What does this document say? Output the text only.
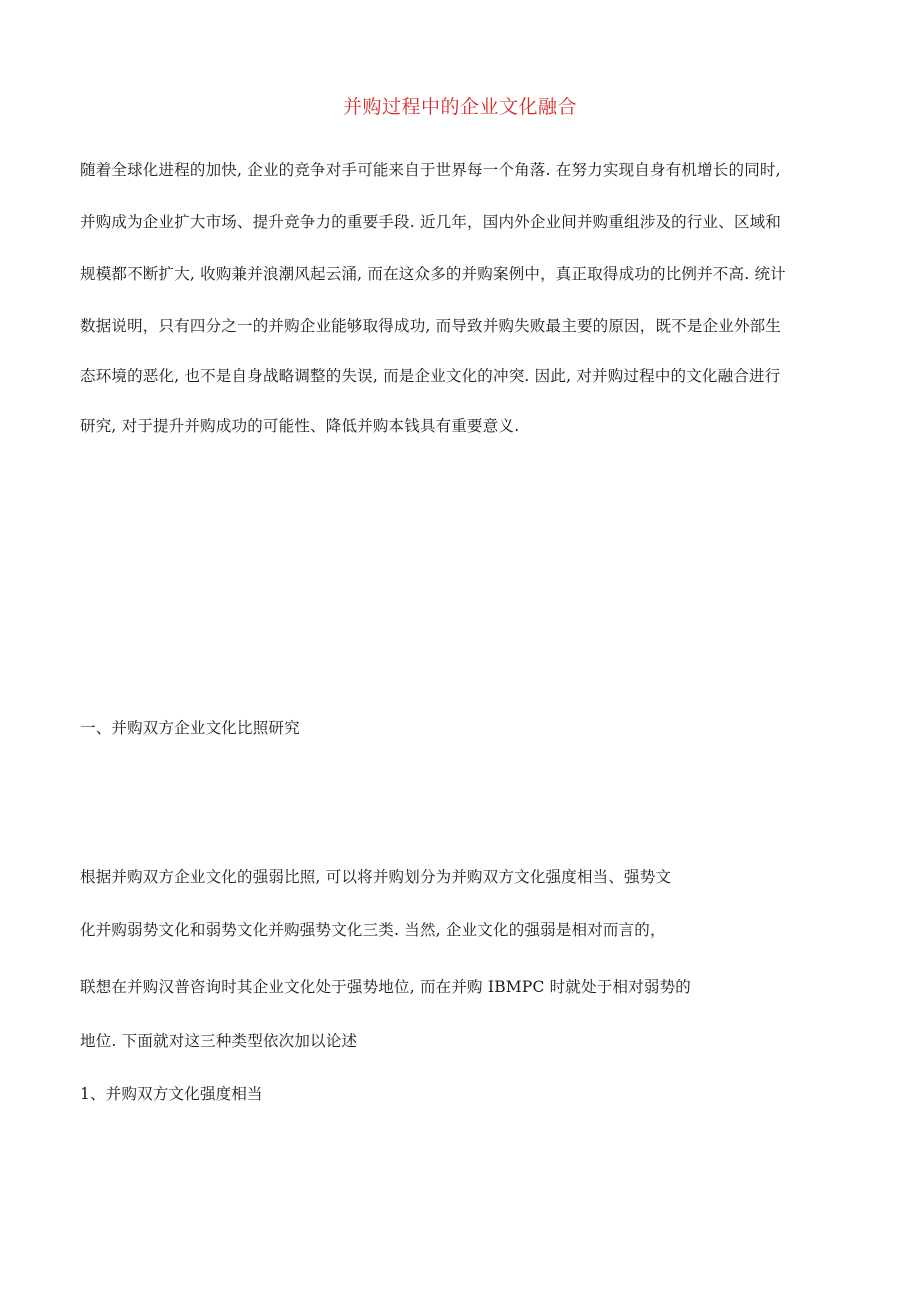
并购过程中的企业文化融合
随着全球化进程的加快, 企业的竞争对手可能来自于世界每一个角落. 在努力实现自身有机增长的同时,
并购成为企业扩大市场、提升竞争力的重要手段. 近几年，国内外企业间并购重组涉及的行业、区域和
规模都不断扩大, 收购兼并浪潮风起云涌, 而在这众多的并购案例中，真正取得成功的比例并不高. 统计
数据说明，只有四分之一的并购企业能够取得成功, 而导致并购失败最主要的原因，既不是企业外部生
态环境的恶化, 也不是自身战略调整的失误, 而是企业文化的冲突. 因此, 对并购过程中的文化融合进行
研究, 对于提升并购成功的可能性、降低并购本钱具有重要意义.
一、并购双方企业文化比照研究
根据并购双方企业文化的强弱比照, 可以将并购划分为并购双方文化强度相当、强势文
化并购弱势文化和弱势文化并购强势文化三类. 当然, 企业文化的强弱是相对而言的，
联想在并购汉普咨询时其企业文化处于强势地位, 而在并购 IBMPC 时就处于相对弱势的
地位. 下面就对这三种类型依次加以论述
1、并购双方文化强度相当
